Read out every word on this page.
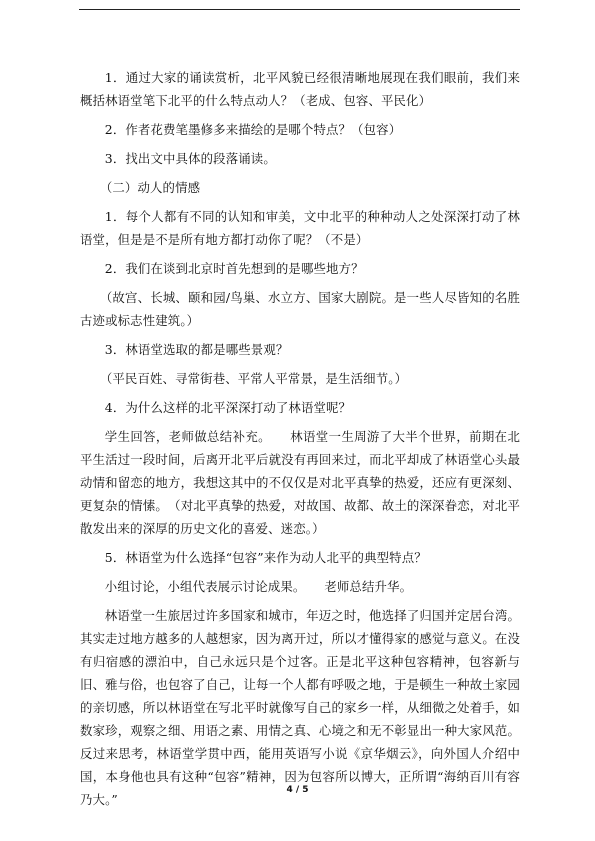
1．通过大家的诵读赏析，北平风貌已经很清晰地展现在我们眼前，我们来概括林语堂笔下北平的什么特点动人？（老成、包容、平民化）

2．作者花费笔墨修多来描绘的是哪个特点？（包容）

3．找出文中具体的段落诵读。

（二）动人的情感

1．每个人都有不同的认知和审美，文中北平的种种动人之处深深打动了林语堂，但是是不是所有地方都打动你了呢？（不是）

2．我们在谈到北京时首先想到的是哪些地方？

（故宫、长城、颐和园/鸟巢、水立方、国家大剧院。是一些人尽皆知的名胜古迹或标志性建筑。）

3．林语堂选取的都是哪些景观？

（平民百姓、寻常街巷、平常人平常景，是生活细节。）

4．为什么这样的北平深深打动了林语堂呢？

学生回答，老师做总结补充。　　林语堂一生周游了大半个世界，前期在北平生活过一段时间，后离开北平后就没有再回来过，而北平却成了林语堂心头最动情和留恋的地方，我想这其中的不仅仅是对北平真挚的热爱，还应有更深刻、更复杂的情愫。　（对北平真挚的热爱，对故国、故都、故土的深深眷恋，对北平散发出来的深厚的历史文化的喜爱、迷恋。）

5．林语堂为什么选择“包容”来作为动人北平的典型特点？

小组讨论，小组代表展示讨论成果。　　老师总结升华。

林语堂一生旅居过许多国家和城市，年迈之时，他选择了归国并定居台湾。其实走过地方越多的人越想家，因为离开过，所以才懂得家的感觉与意义。在没有归宿感的漂泊中，自己永远只是个过客。正是北平这种包容精神，包容新与旧、雅与俗，也包容了自己，让每一个人都有呼吸之地，于是顿生一种故土家园的亲切感，所以林语堂在写北平时就像写自己的家乡一样，从细微之处着手，如数家珍，观察之细、用语之素、用情之真、心境之和无不彰显出一种大家风范。反过来思考，林语堂学贯中西，能用英语写小说《京华烟云》，向外国人介绍中国，本身他也具有这种“包容”精神，因为包容所以博大，正所谓“海纳百川有容乃大。”

4 / 5
